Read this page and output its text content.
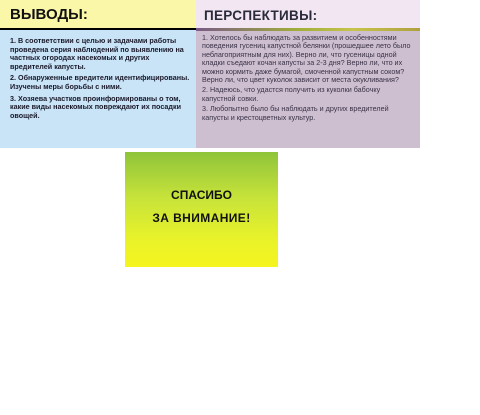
ВЫВОДЫ:

1. В соответствии с целью и задачами работы проведена серия наблюдений по выявлению на частных огородах насекомых и других вредителей капусты.

2. Обнаруженные вредители идентифицированы.

Изучены меры борьбы с ними.

3. Хозяева участков проинформированы о том, какие виды насекомых повреждают их посадки овощей.

ПЕРСПЕКТИВЫ:

1. Хотелось бы наблюдать за развитием и особенностями поведения гусениц капустной белянки (прошедшее лето было неблагоприятным для них). Верно ли, что гусеницы одной кладки съедают кочан капусты за 2-3 дня? Верно ли, что их можно кормить даже бумагой, смоченной капустным соком? Верно ли, что цвет куколок зависит от места окукливания?

2. Надеюсь, что удастся получить из куколки бабочку капустной совки.

3. Любопытно было бы наблюдать и других вредителей капусты и крестоцветных культур.

СПАСИБО
ЗА ВНИМАНИЕ!
